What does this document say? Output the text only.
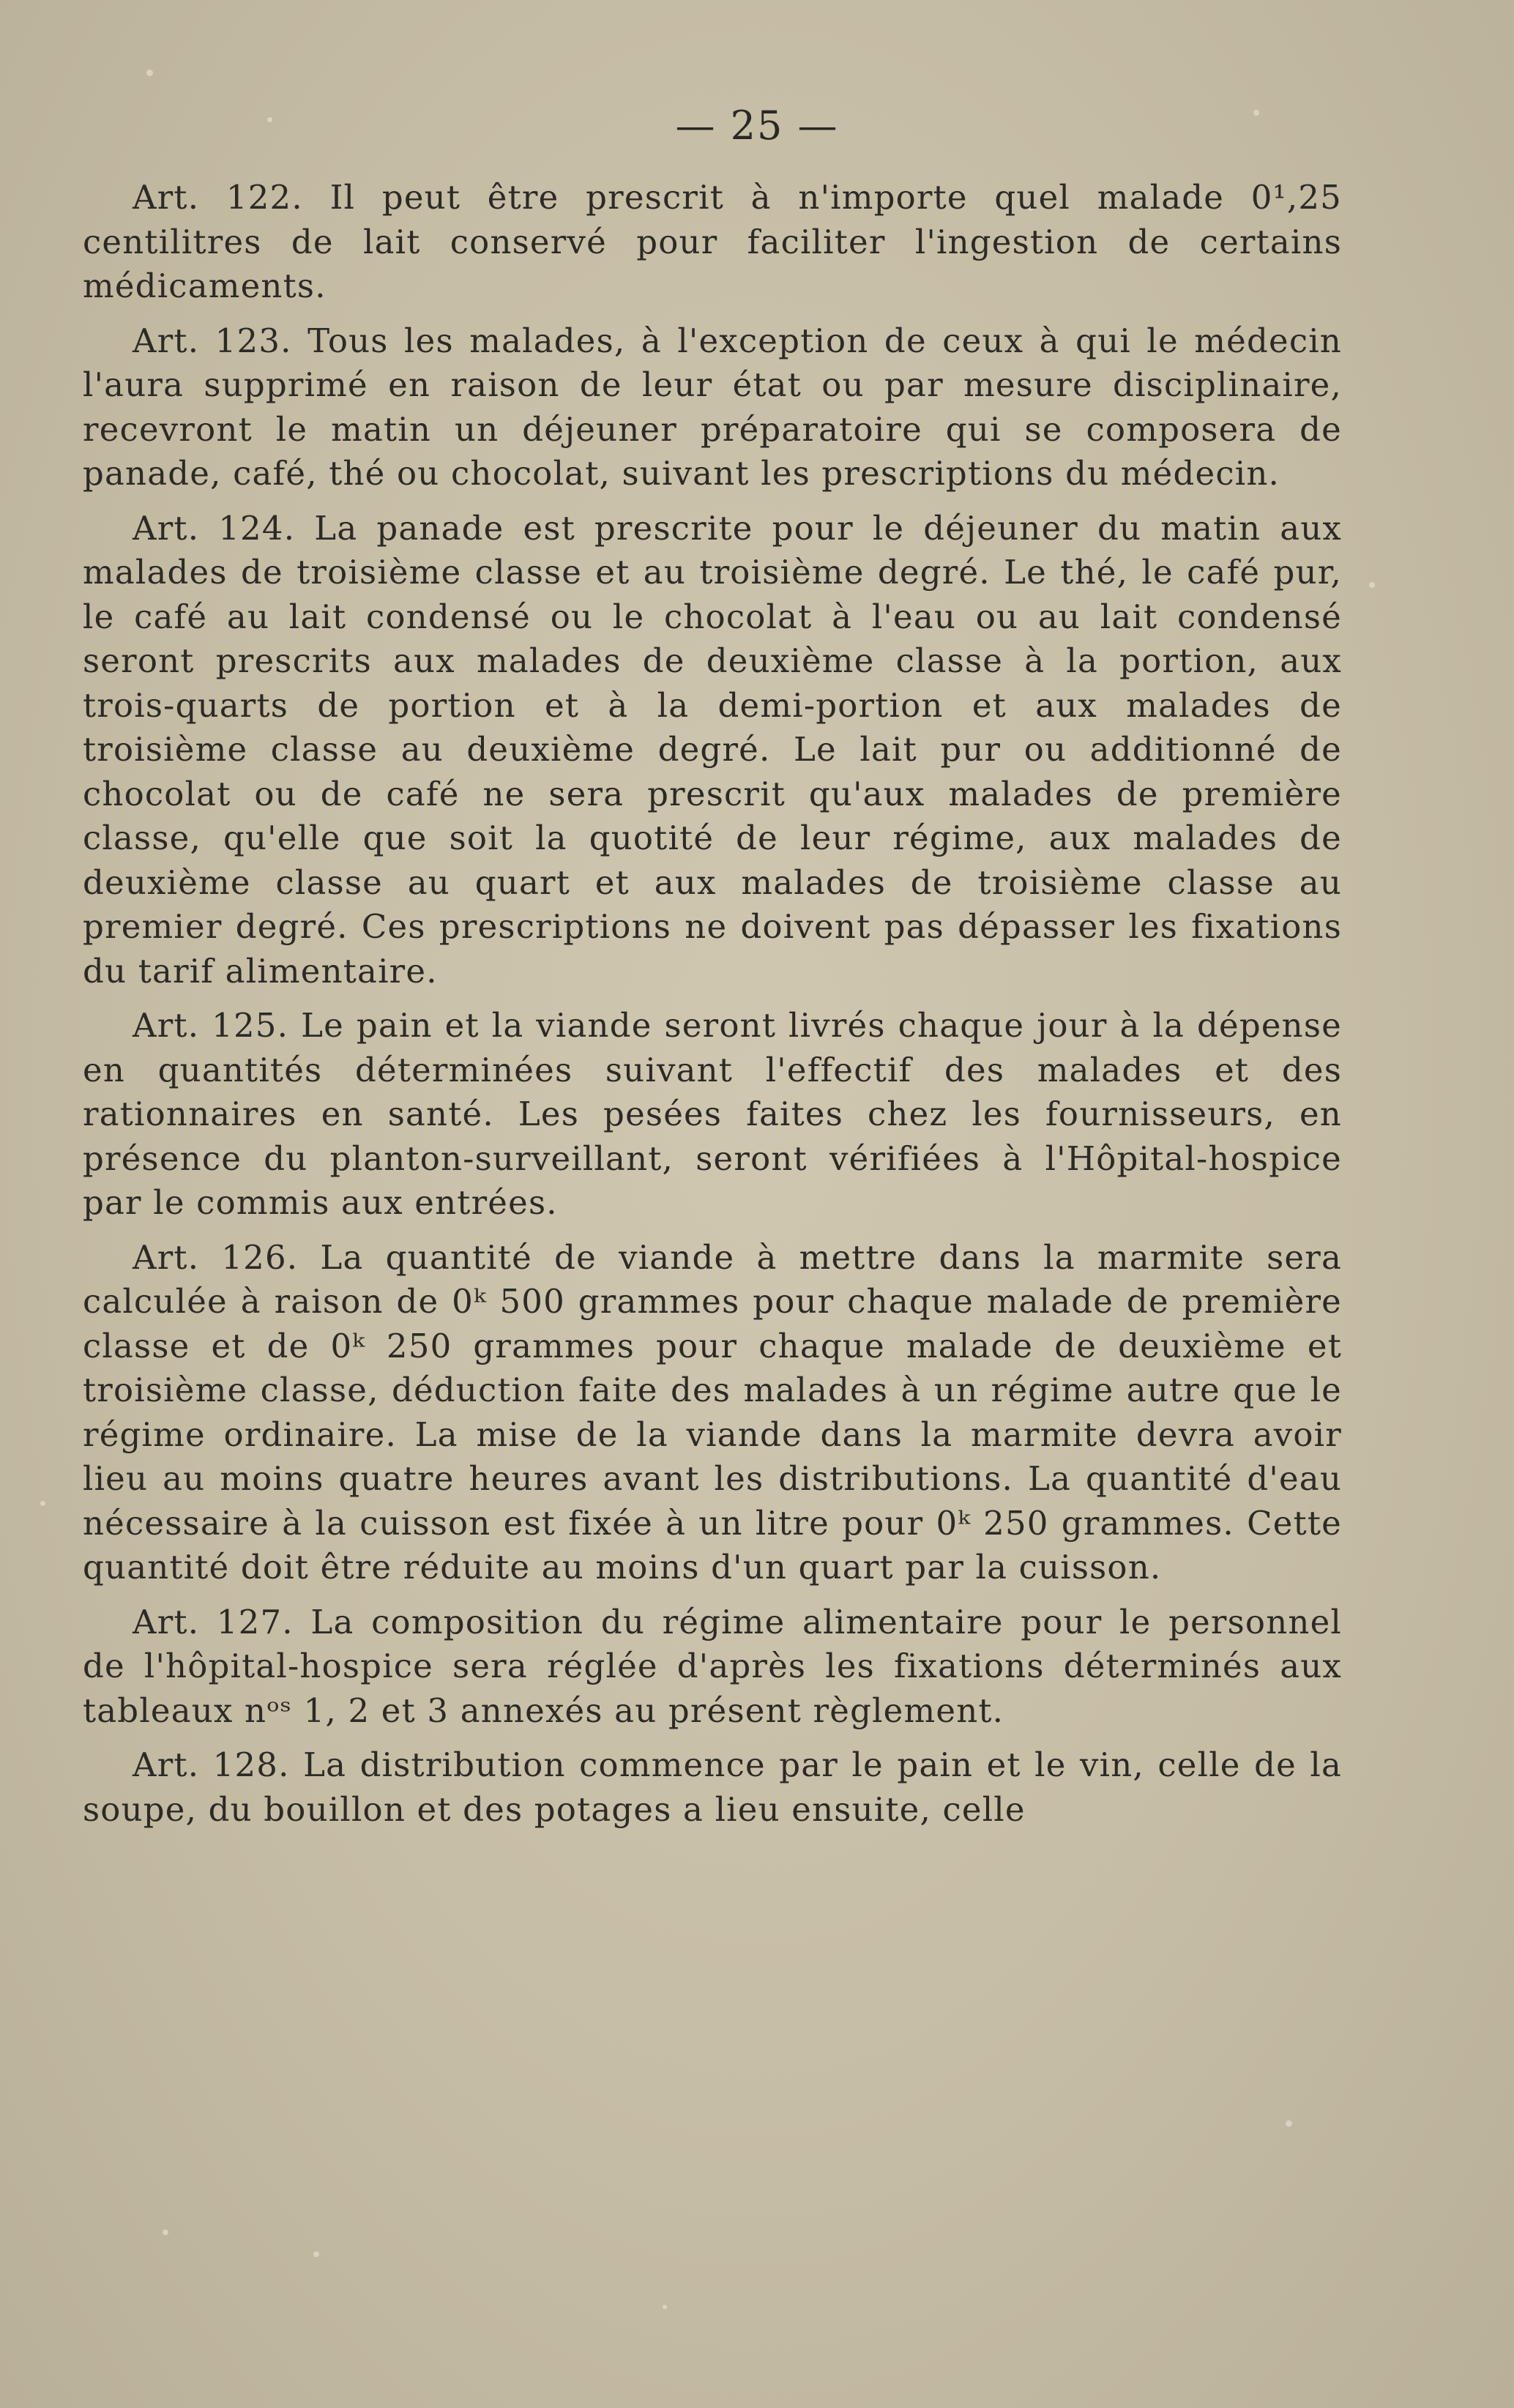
— 25 —

Art. 122. Il peut être prescrit à n'importe quel malade 0¹,25 centilitres de lait conservé pour faciliter l'ingestion de certains médicaments.

Art. 123. Tous les malades, à l'exception de ceux à qui le médecin l'aura supprimé en raison de leur état ou par mesure disciplinaire, recevront le matin un déjeuner préparatoire qui se composera de panade, café, thé ou chocolat, suivant les prescriptions du médecin.

Art. 124. La panade est prescrite pour le déjeuner du matin aux malades de troisième classe et au troisième degré. Le thé, le café pur, le café au lait condensé ou le chocolat à l'eau ou au lait condensé seront prescrits aux malades de deuxième classe à la portion, aux trois-quarts de portion et à la demi-portion et aux malades de troisième classe au deuxième degré. Le lait pur ou additionné de chocolat ou de café ne sera prescrit qu'aux malades de première classe, qu'elle que soit la quotité de leur régime, aux malades de deuxième classe au quart et aux malades de troisième classe au premier degré. Ces prescriptions ne doivent pas dépasser les fixations du tarif alimentaire.

Art. 125. Le pain et la viande seront livrés chaque jour à la dépense en quantités déterminées suivant l'effectif des malades et des rationnaires en santé. Les pesées faites chez les fournisseurs, en présence du planton-surveillant, seront vérifiées à l'Hôpital-hospice par le commis aux entrées.

Art. 126. La quantité de viande à mettre dans la marmite sera calculée à raison de 0ᵏ 500 grammes pour chaque malade de première classe et de 0ᵏ 250 grammes pour chaque malade de deuxième et troisième classe, déduction faite des malades à un régime autre que le régime ordinaire. La mise de la viande dans la marmite devra avoir lieu au moins quatre heures avant les distributions. La quantité d'eau nécessaire à la cuisson est fixée à un litre pour 0ᵏ 250 grammes. Cette quantité doit être réduite au moins d'un quart par la cuisson.

Art. 127. La composition du régime alimentaire pour le personnel de l'hôpital-hospice sera réglée d'après les fixations déterminés aux tableaux nᵒˢ 1, 2 et 3 annexés au présent règlement.

Art. 128. La distribution commence par le pain et le vin, celle de la soupe, du bouillon et des potages a lieu ensuite, celle
